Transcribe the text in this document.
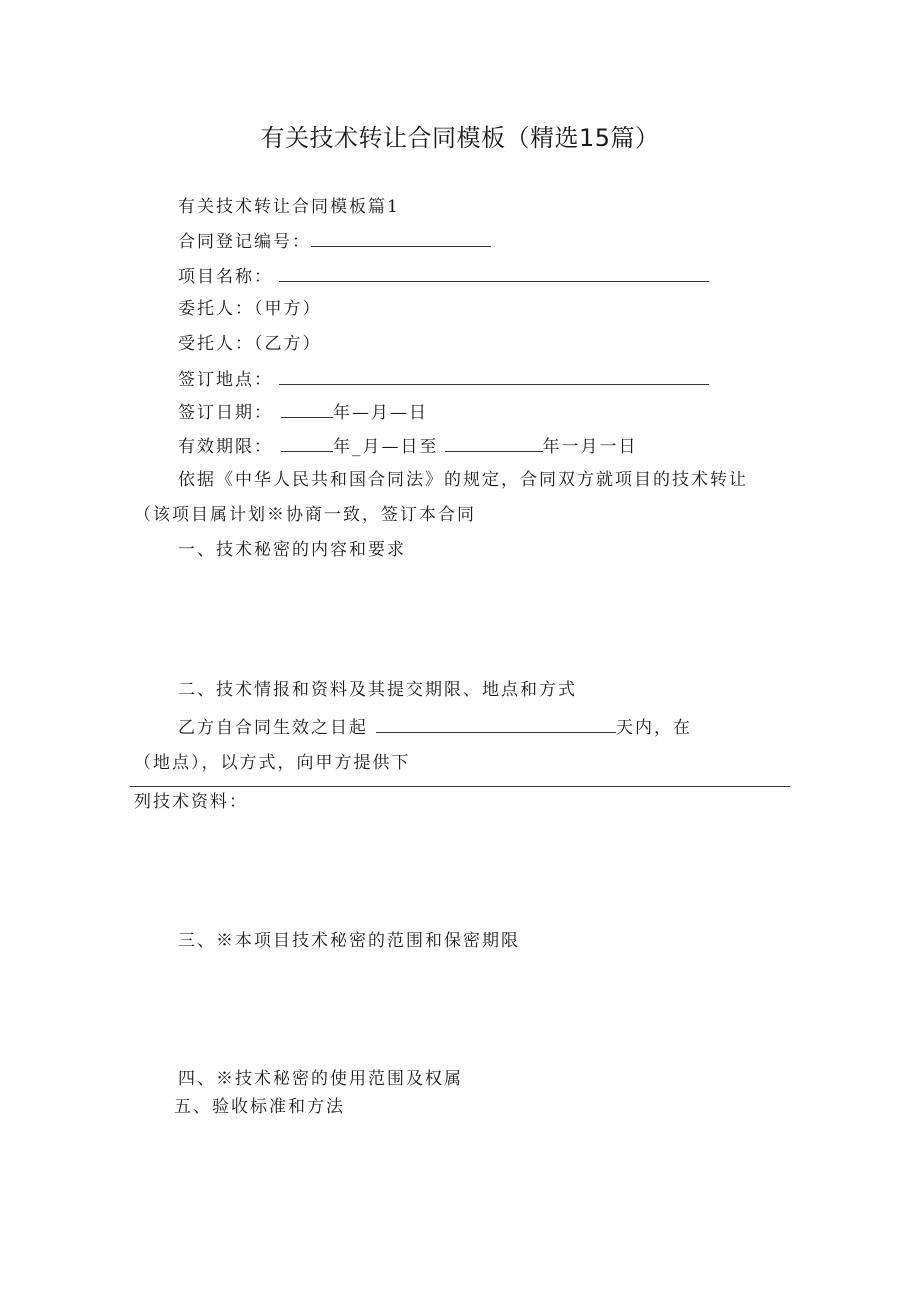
有关技术转让合同模板（精选15篇）
有关技术转让合同模板篇1
合同登记编号：
项目名称：
委托人：（甲方）
受托人：（乙方）
签订地点：
签订日期：	年—月—日
有效期限：	年_月—日至	年一月一日
依据《中华人民共和国合同法》的规定，合同双方就项目的技术转让
（该项目属计划※协商一致，签订本合同
一、技术秘密的内容和要求
二、技术情报和资料及其提交期限、地点和方式
乙方自合同生效之日起	天内，在
（地点），以方式，向甲方提供下
列技术资料：
三、※本项目技术秘密的范围和保密期限
四、※技术秘密的使用范围及权属
五、验收标准和方法
